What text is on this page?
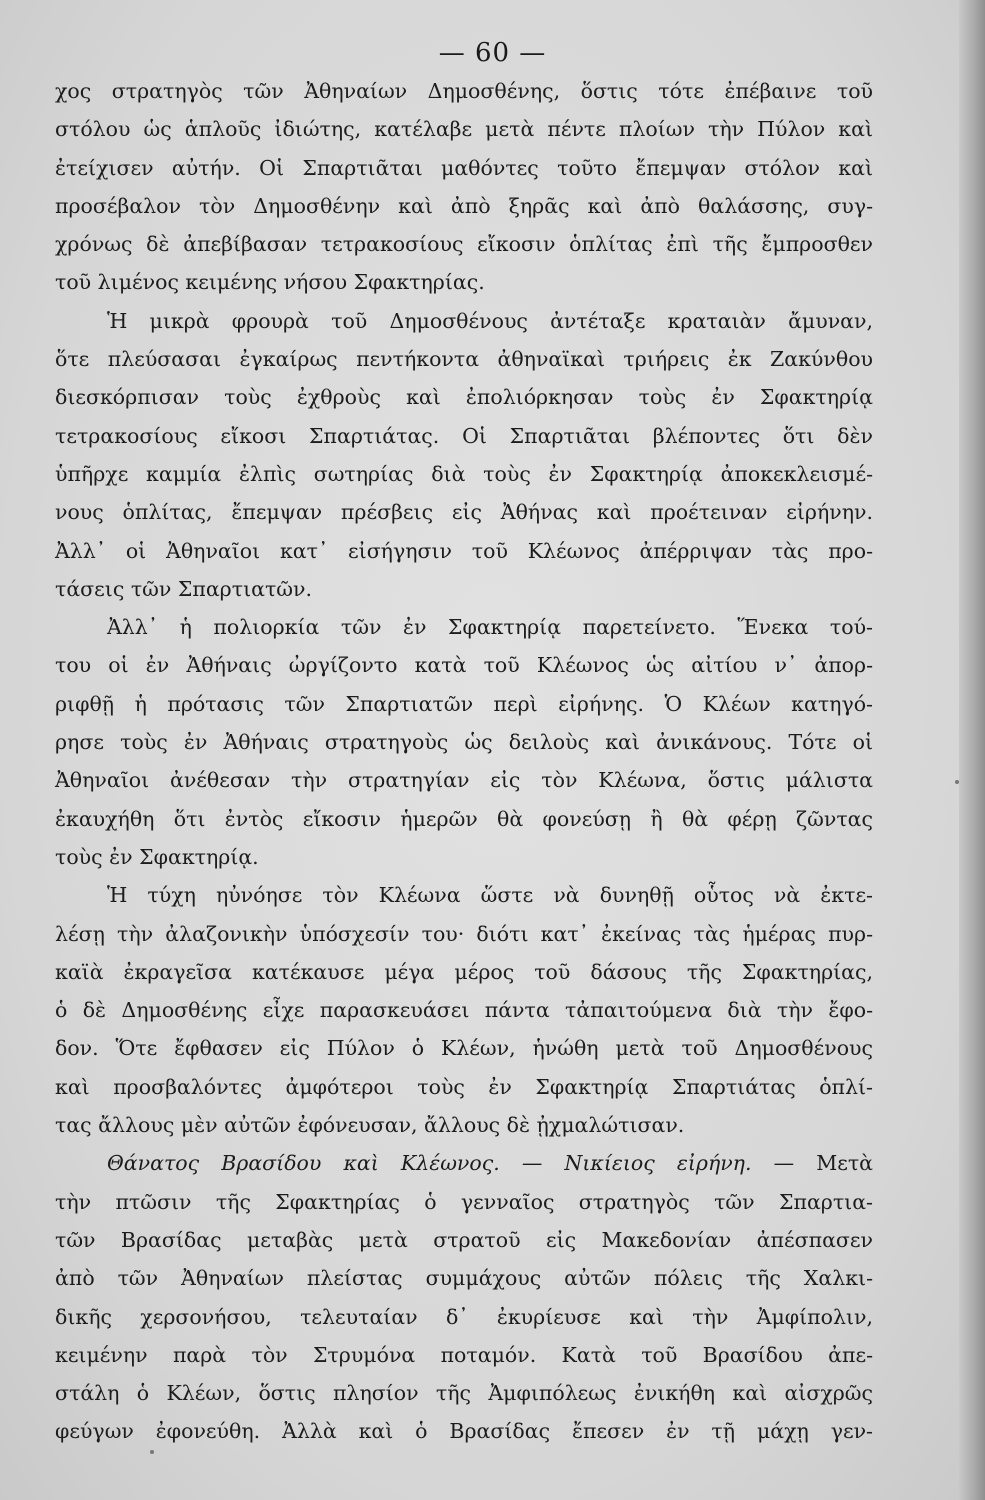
— 60 —
χος στρατηγὸς τῶν Ἀθηναίων Δημοσθένης, ὅστις τότε ἐπέβαινε τοῦ
στόλου ὡς ἁπλοῦς ἰδιώτης, κατέλαβε μετὰ πέντε πλοίων τὴν Πύλον καὶ
ἐτείχισεν αὐτήν. Οἱ Σπαρτιᾶται μαθόντες τοῦτο ἔπεμψαν στόλον καὶ
προσέβαλον τὸν Δημοσθένην καὶ ἀπὸ ξηρᾶς καὶ ἀπὸ θαλάσσης, συγ-
χρόνως δὲ ἀπεβίβασαν τετρακοσίους εἴκοσιν ὁπλίτας ἐπὶ τῆς ἔμπροσθεν
τοῦ λιμένος κειμένης νήσου Σφακτηρίας.
Ἡ μικρὰ φρουρὰ τοῦ Δημοσθένους ἀντέταξε κραταιὰν ἄμυναν,
ὅτε πλεύσασαι ἐγκαίρως πεντήκοντα ἀθηναϊκαὶ τριήρεις ἐκ Ζακύνθου
διεσκόρπισαν τοὺς ἐχθροὺς καὶ ἐπολιόρκησαν τοὺς ἐν Σφακτηρίᾳ
τετρακοσίους εἴκοσι Σπαρτιάτας. Οἱ Σπαρτιᾶται βλέποντες ὅτι δὲν
ὑπῆρχε καμμία ἐλπὶς σωτηρίας διὰ τοὺς ἐν Σφακτηρίᾳ ἀποκεκλεισμέ-
νους ὁπλίτας, ἔπεμψαν πρέσβεις εἰς Ἀθήνας καὶ προέτειναν εἰρήνην.
Ἀλλ᾽ οἱ Ἀθηναῖοι κατ᾽ εἰσήγησιν τοῦ Κλέωνος ἀπέρριψαν τὰς προ-
τάσεις τῶν Σπαρτιατῶν.
Ἀλλ᾽ ἡ πολιορκία τῶν ἐν Σφακτηρίᾳ παρετείνετο. Ἕνεκα τού-
του οἱ ἐν Ἀθήναις ὠργίζοντο κατὰ τοῦ Κλέωνος ὡς αἰτίου ν᾽ ἀπορ-
ριφθῇ ἡ πρότασις τῶν Σπαρτιατῶν περὶ εἰρήνης. Ὁ Κλέων κατηγό-
ρησε τοὺς ἐν Ἀθήναις στρατηγοὺς ὡς δειλοὺς καὶ ἀνικάνους. Τότε οἱ
Ἀθηναῖοι ἀνέθεσαν τὴν στρατηγίαν εἰς τὸν Κλέωνα, ὅστις μάλιστα
ἐκαυχήθη ὅτι ἐντὸς εἴκοσιν ἡμερῶν θὰ φονεύσῃ ἢ θὰ φέρῃ ζῶντας
τοὺς ἐν Σφακτηρίᾳ.
Ἡ τύχη ηὐνόησε τὸν Κλέωνα ὥστε νὰ δυνηθῇ οὗτος νὰ ἐκτε-
λέσῃ τὴν ἀλαζονικὴν ὑπόσχεσίν του· διότι κατ᾽ ἐκείνας τὰς ἡμέρας πυρ-
καϊὰ ἐκραγεῖσα κατέκαυσε μέγα μέρος τοῦ δάσους τῆς Σφακτηρίας,
ὁ δὲ Δημοσθένης εἶχε παρασκευάσει πάντα τἀπαιτούμενα διὰ τὴν ἔφο-
δον. Ὅτε ἔφθασεν εἰς Πύλον ὁ Κλέων, ἡνώθη μετὰ τοῦ Δημοσθένους
καὶ προσβαλόντες ἀμφότεροι τοὺς ἐν Σφακτηρίᾳ Σπαρτιάτας ὁπλί-
τας ἄλλους μὲν αὐτῶν ἐφόνευσαν, ἄλλους δὲ ᾐχμαλώτισαν.
Θάνατος Βρασίδου καὶ Κλέωνος. — Νικίειος εἰρήνη. — Μετὰ
τὴν πτῶσιν τῆς Σφακτηρίας ὁ γενναῖος στρατηγὸς τῶν Σπαρτια-
τῶν Βρασίδας μεταβὰς μετὰ στρατοῦ εἰς Μακεδονίαν ἀπέσπασεν
ἀπὸ τῶν Ἀθηναίων πλείστας συμμάχους αὐτῶν πόλεις τῆς Χαλκι-
δικῆς χερσονήσου, τελευταίαν δ᾽ ἐκυρίευσε καὶ τὴν Ἀμφίπολιν,
κειμένην παρὰ τὸν Στρυμόνα ποταμόν. Κατὰ τοῦ Βρασίδου ἀπε-
στάλη ὁ Κλέων, ὅστις πλησίον τῆς Ἀμφιπόλεως ἐνικήθη καὶ αἰσχρῶς
φεύγων ἐφονεύθη. Ἀλλὰ καὶ ὁ Βρασίδας ἔπεσεν ἐν τῇ μάχῃ γεν-
